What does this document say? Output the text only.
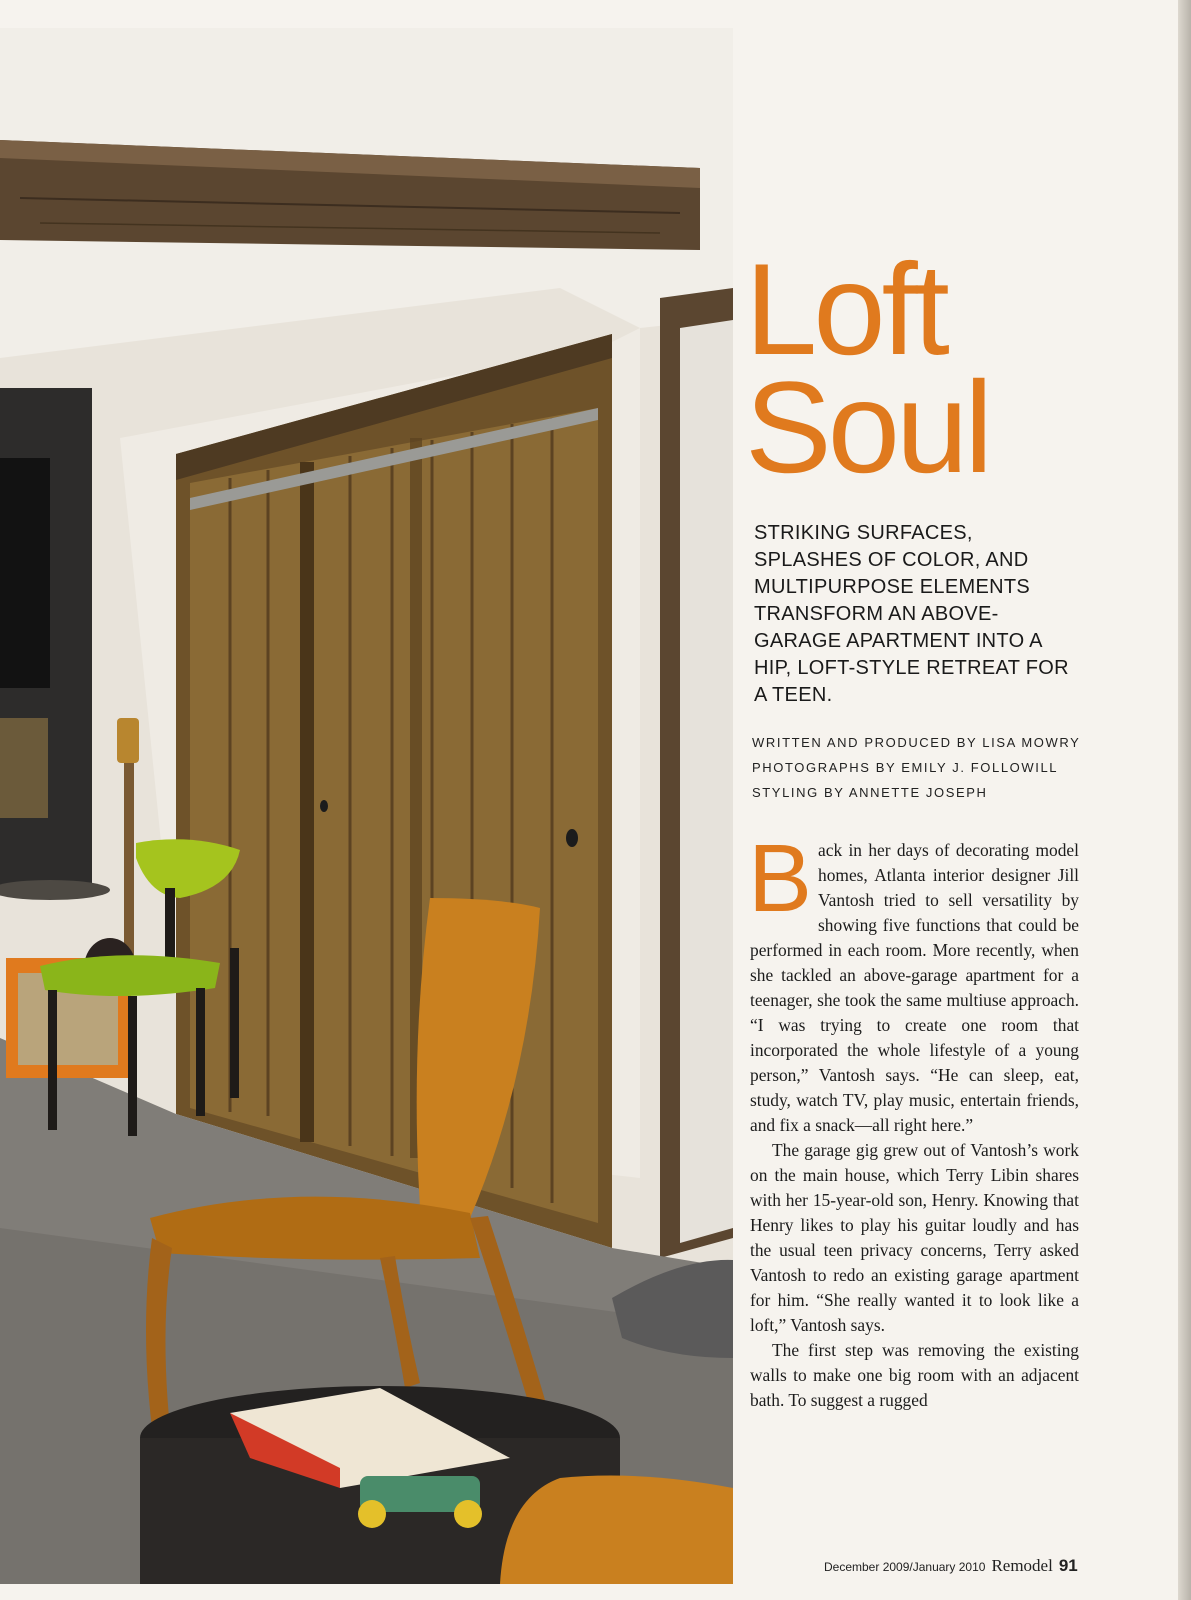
Loft
Soul
STRIKING SURFACES, SPLASHES OF COLOR, AND MULTIPURPOSE ELEMENTS TRANSFORM AN ABOVE-GARAGE APARTMENT INTO A HIP, LOFT-STYLE RETREAT FOR A TEEN.
WRITTEN AND PRODUCED BY LISA MOWRY
PHOTOGRAPHS BY EMILY J. FOLLOWILL
STYLING BY ANNETTE JOSEPH

Back in her days of decorating model homes, Atlanta interior designer Jill Vantosh tried to sell versatility by showing five functions that could be performed in each room. More recently, when she tackled an above-garage apartment for a teenager, she took the same multiuse approach. “I was trying to create one room that incorporated the whole lifestyle of a young person,” Vantosh says. “He can sleep, eat, study, watch TV, play music, entertain friends, and fix a snack—all right here.”

The garage gig grew out of Vantosh’s work on the main house, which Terry Libin shares with her 15-year-old son, Henry. Knowing that Henry likes to play his guitar loudly and has the usual teen privacy concerns, Terry asked Vantosh to redo an existing garage apartment for him. “She really wanted it to look like a loft,” Vantosh says.

The first step was removing the existing walls to make one big room with an adjacent bath. To suggest a rugged

December 2009/January 2010 Remodel 91
